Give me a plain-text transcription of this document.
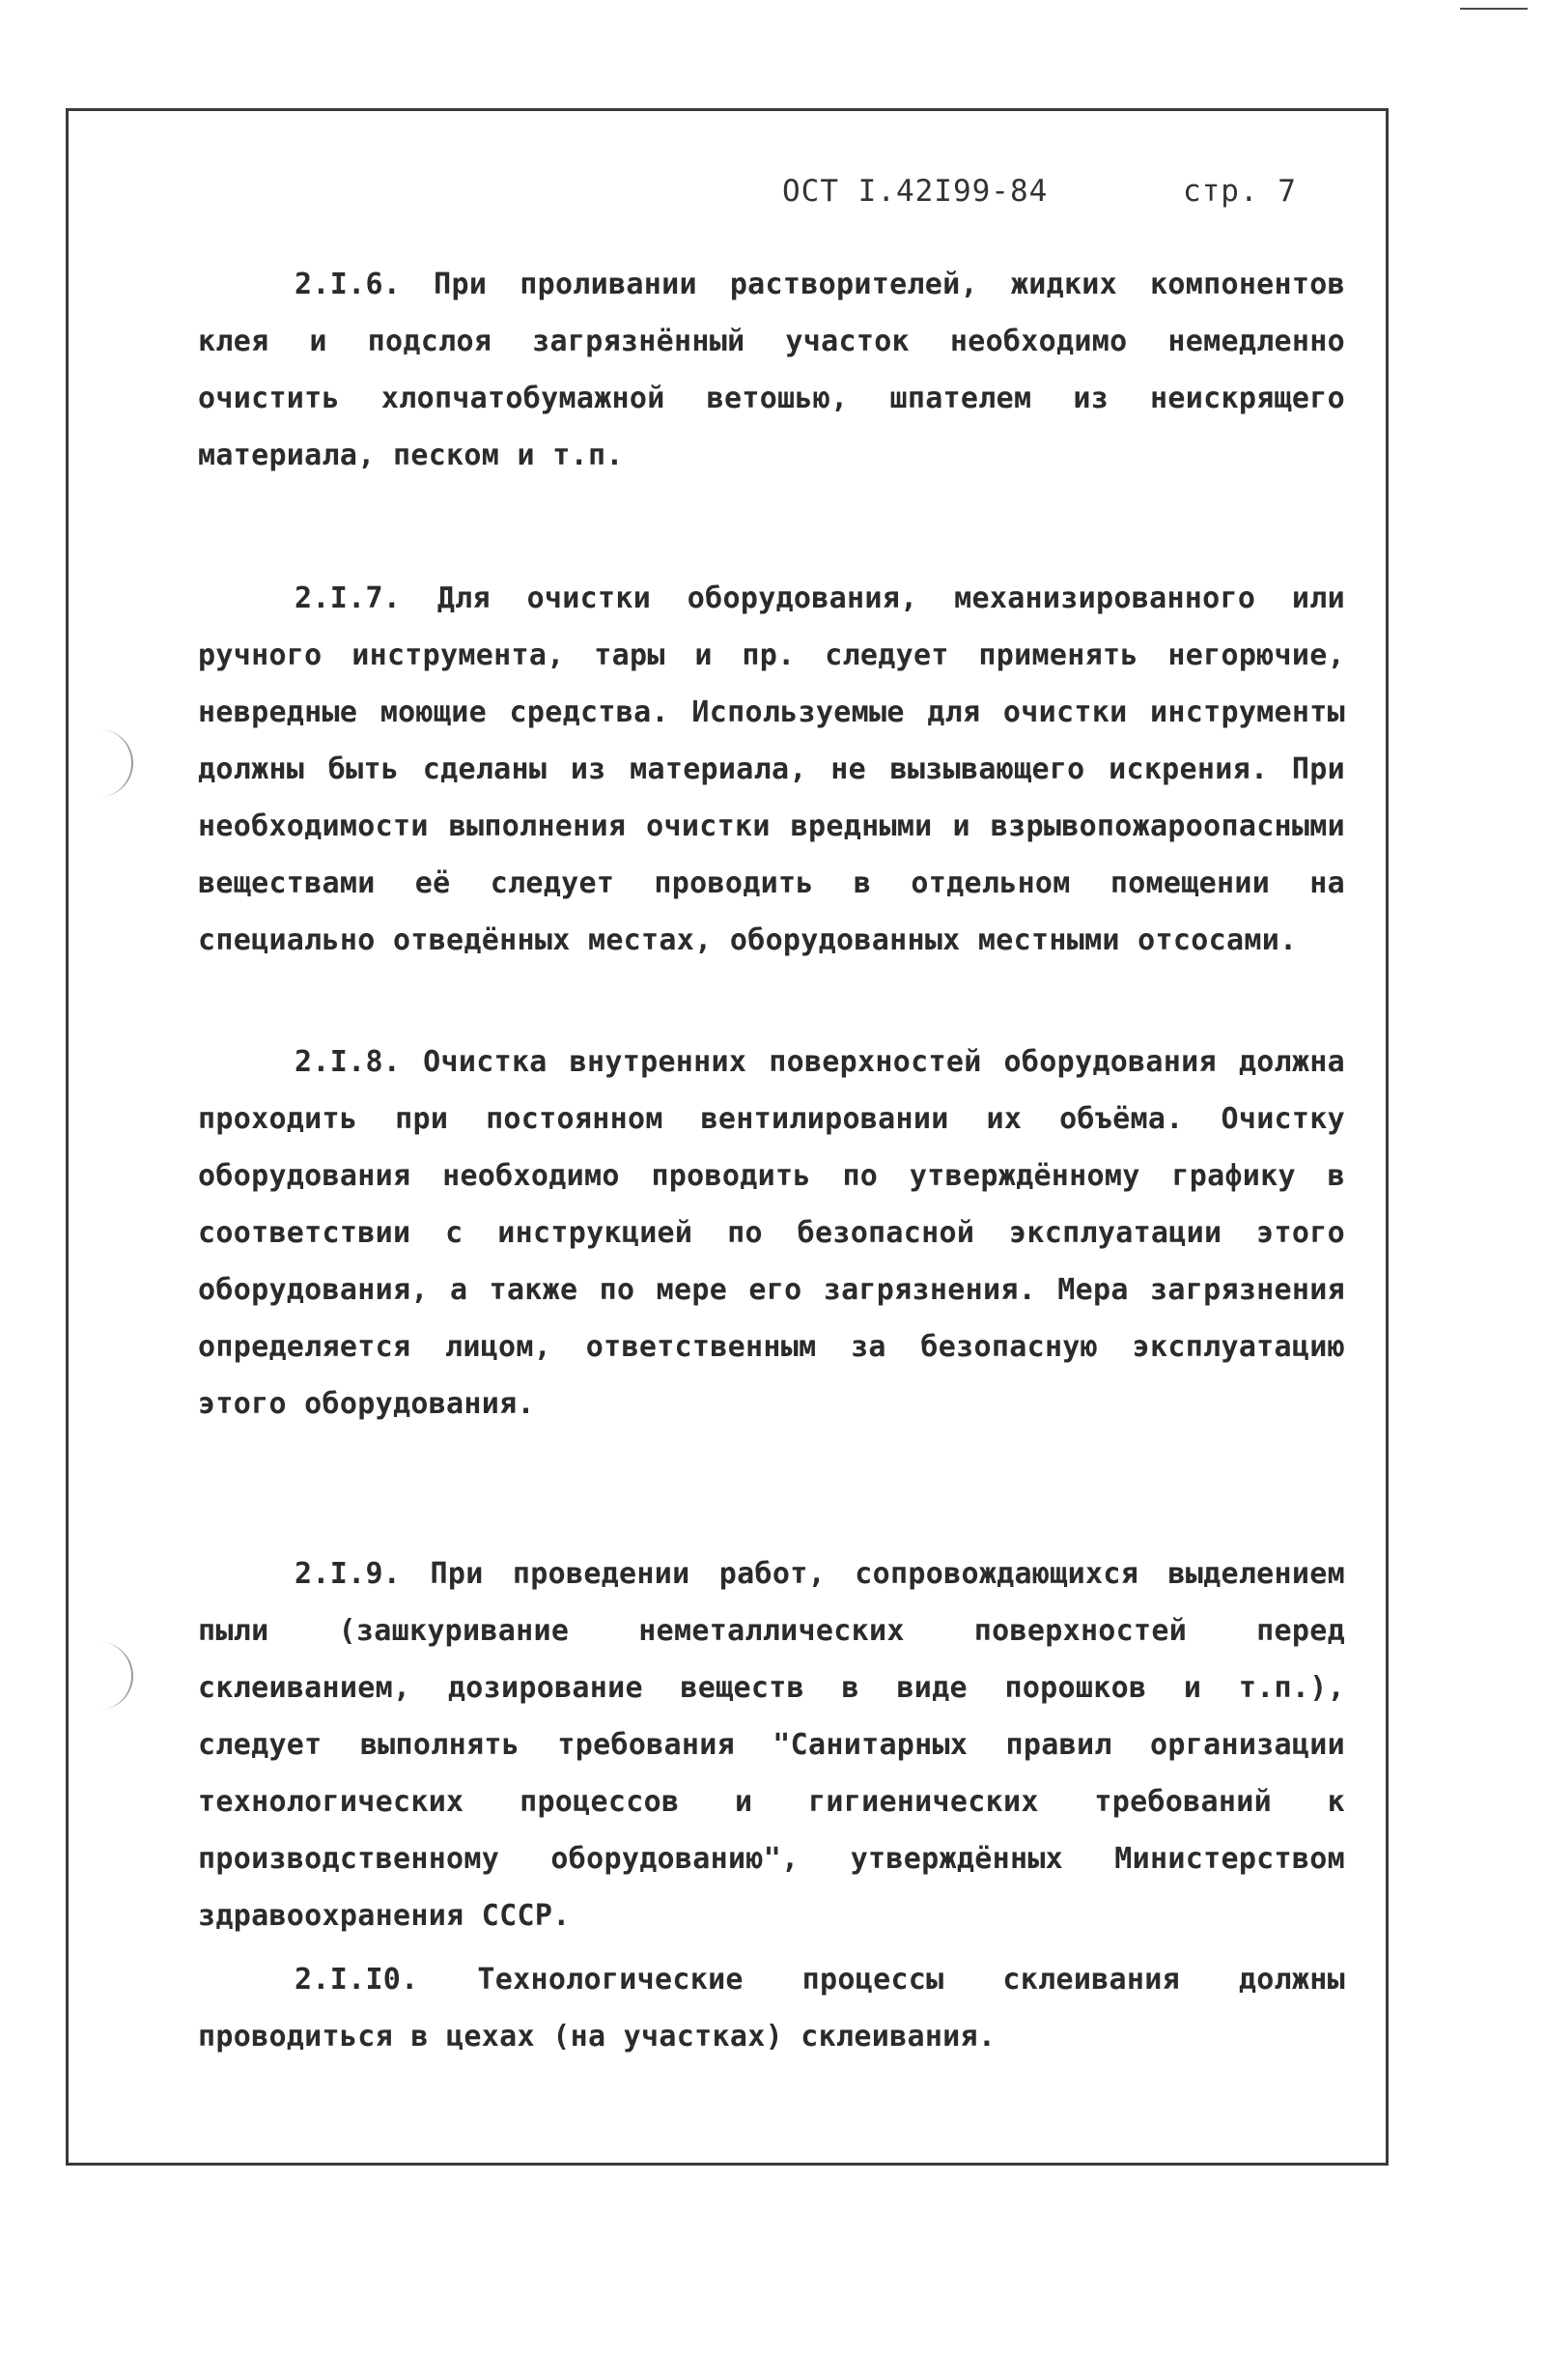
ОСТ I.42I99-84	стр. 7
2.I.6. При проливании растворителей, жидких компонентов клея и подслоя загрязнённый участок необходимо немедленно очистить хлопчатобумажной ветошью, шпателем из неискрящего материала, песком и т.п.
2.I.7. Для очистки оборудования, механизированного или ручного инструмента, тары и пр. следует применять негорючие, невредные моющие средства. Используемые для очистки инструменты должны быть сделаны из материала, не вызывающего искрения. При необходимости выполнения очистки вредными и взрывопожароопасными веществами её следует проводить в отдельном помещении на специально отведённых местах, оборудованных местными отсосами.
2.I.8. Очистка внутренних поверхностей оборудования должна проходить при постоянном вентилировании их объёма. Очистку оборудования необходимо проводить по утверждённому графику в соответствии с инструкцией по безопасной эксплуатации этого оборудования, а также по мере его загрязнения. Мера загрязнения определяется лицом, ответственным за безопасную эксплуатацию этого оборудования.
2.I.9. При проведении работ, сопровождающихся выделением пыли (зашкуривание неметаллических поверхностей перед склеиванием, дозирование веществ в виде порошков и т.п.), следует выполнять требования "Санитарных правил организации технологических процессов и гигиенических требований к производственному оборудованию", утверждённых Министерством здравоохранения СССР.
2.I.I0. Технологические процессы склеивания должны проводиться в цехах (на участках) склеивания.
